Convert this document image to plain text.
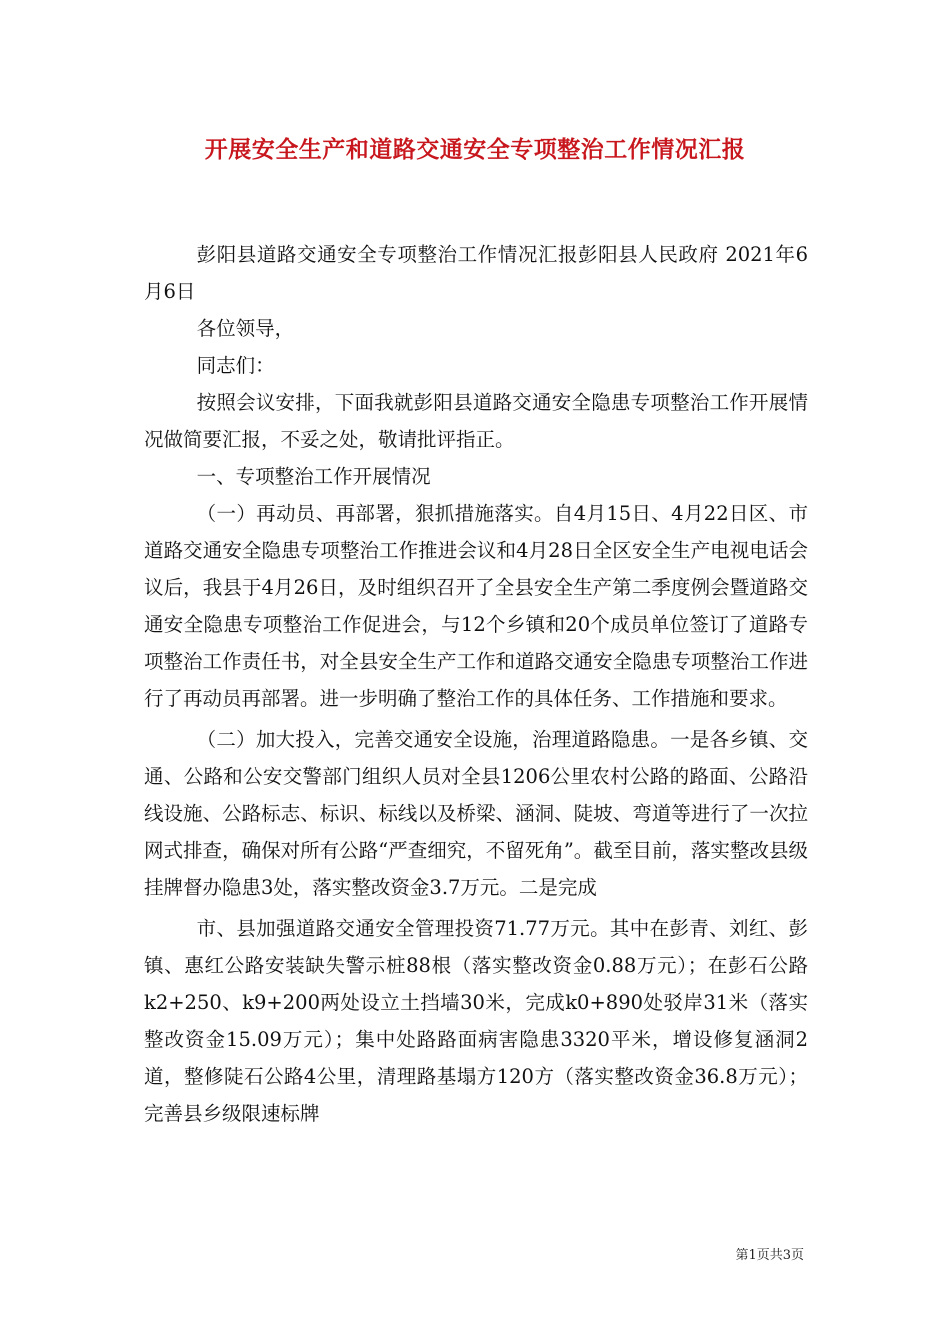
开展安全生产和道路交通安全专项整治工作情况汇报

彭阳县道路交通安全专项整治工作情况汇报彭阳县人民政府 2021年6月6日

各位领导，

同志们：

按照会议安排，下面我就彭阳县道路交通安全隐患专项整治工作开展情况做简要汇报，不妥之处，敬请批评指正。

一、专项整治工作开展情况

（一）再动员、再部署，狠抓措施落实。自4月15日、4月22日区、市道路交通安全隐患专项整治工作推进会议和4月28日全区安全生产电视电话会议后，我县于4月26日，及时组织召开了全县安全生产第二季度例会暨道路交通安全隐患专项整治工作促进会，与12个乡镇和20个成员单位签订了道路专项整治工作责任书，对全县安全生产工作和道路交通安全隐患专项整治工作进行了再动员再部署。进一步明确了整治工作的具体任务、工作措施和要求。

（二）加大投入，完善交通安全设施，治理道路隐患。一是各乡镇、交通、公路和公安交警部门组织人员对全县1206公里农村公路的路面、公路沿线设施、公路标志、标识、标线以及桥梁、涵洞、陡坡、弯道等进行了一次拉网式排查，确保对所有公路“严查细究，不留死角”。截至目前，落实整改县级挂牌督办隐患3处，落实整改资金3.7万元。二是完成

市、县加强道路交通安全管理投资71.77万元。其中在彭青、刘红、彭镇、惠红公路安装缺失警示桩88根（落实整改资金0.88万元）；在彭石公路k2+250、k9+200两处设立土挡墙30米，完成k0+890处驳岸31米（落实整改资金15.09万元）；集中处路路面病害隐患3320平米，增设修复涵洞2道，整修陡石公路4公里，清理路基塌方120方（落实整改资金36.8万元）；完善县乡级限速标牌

第1页共3页
